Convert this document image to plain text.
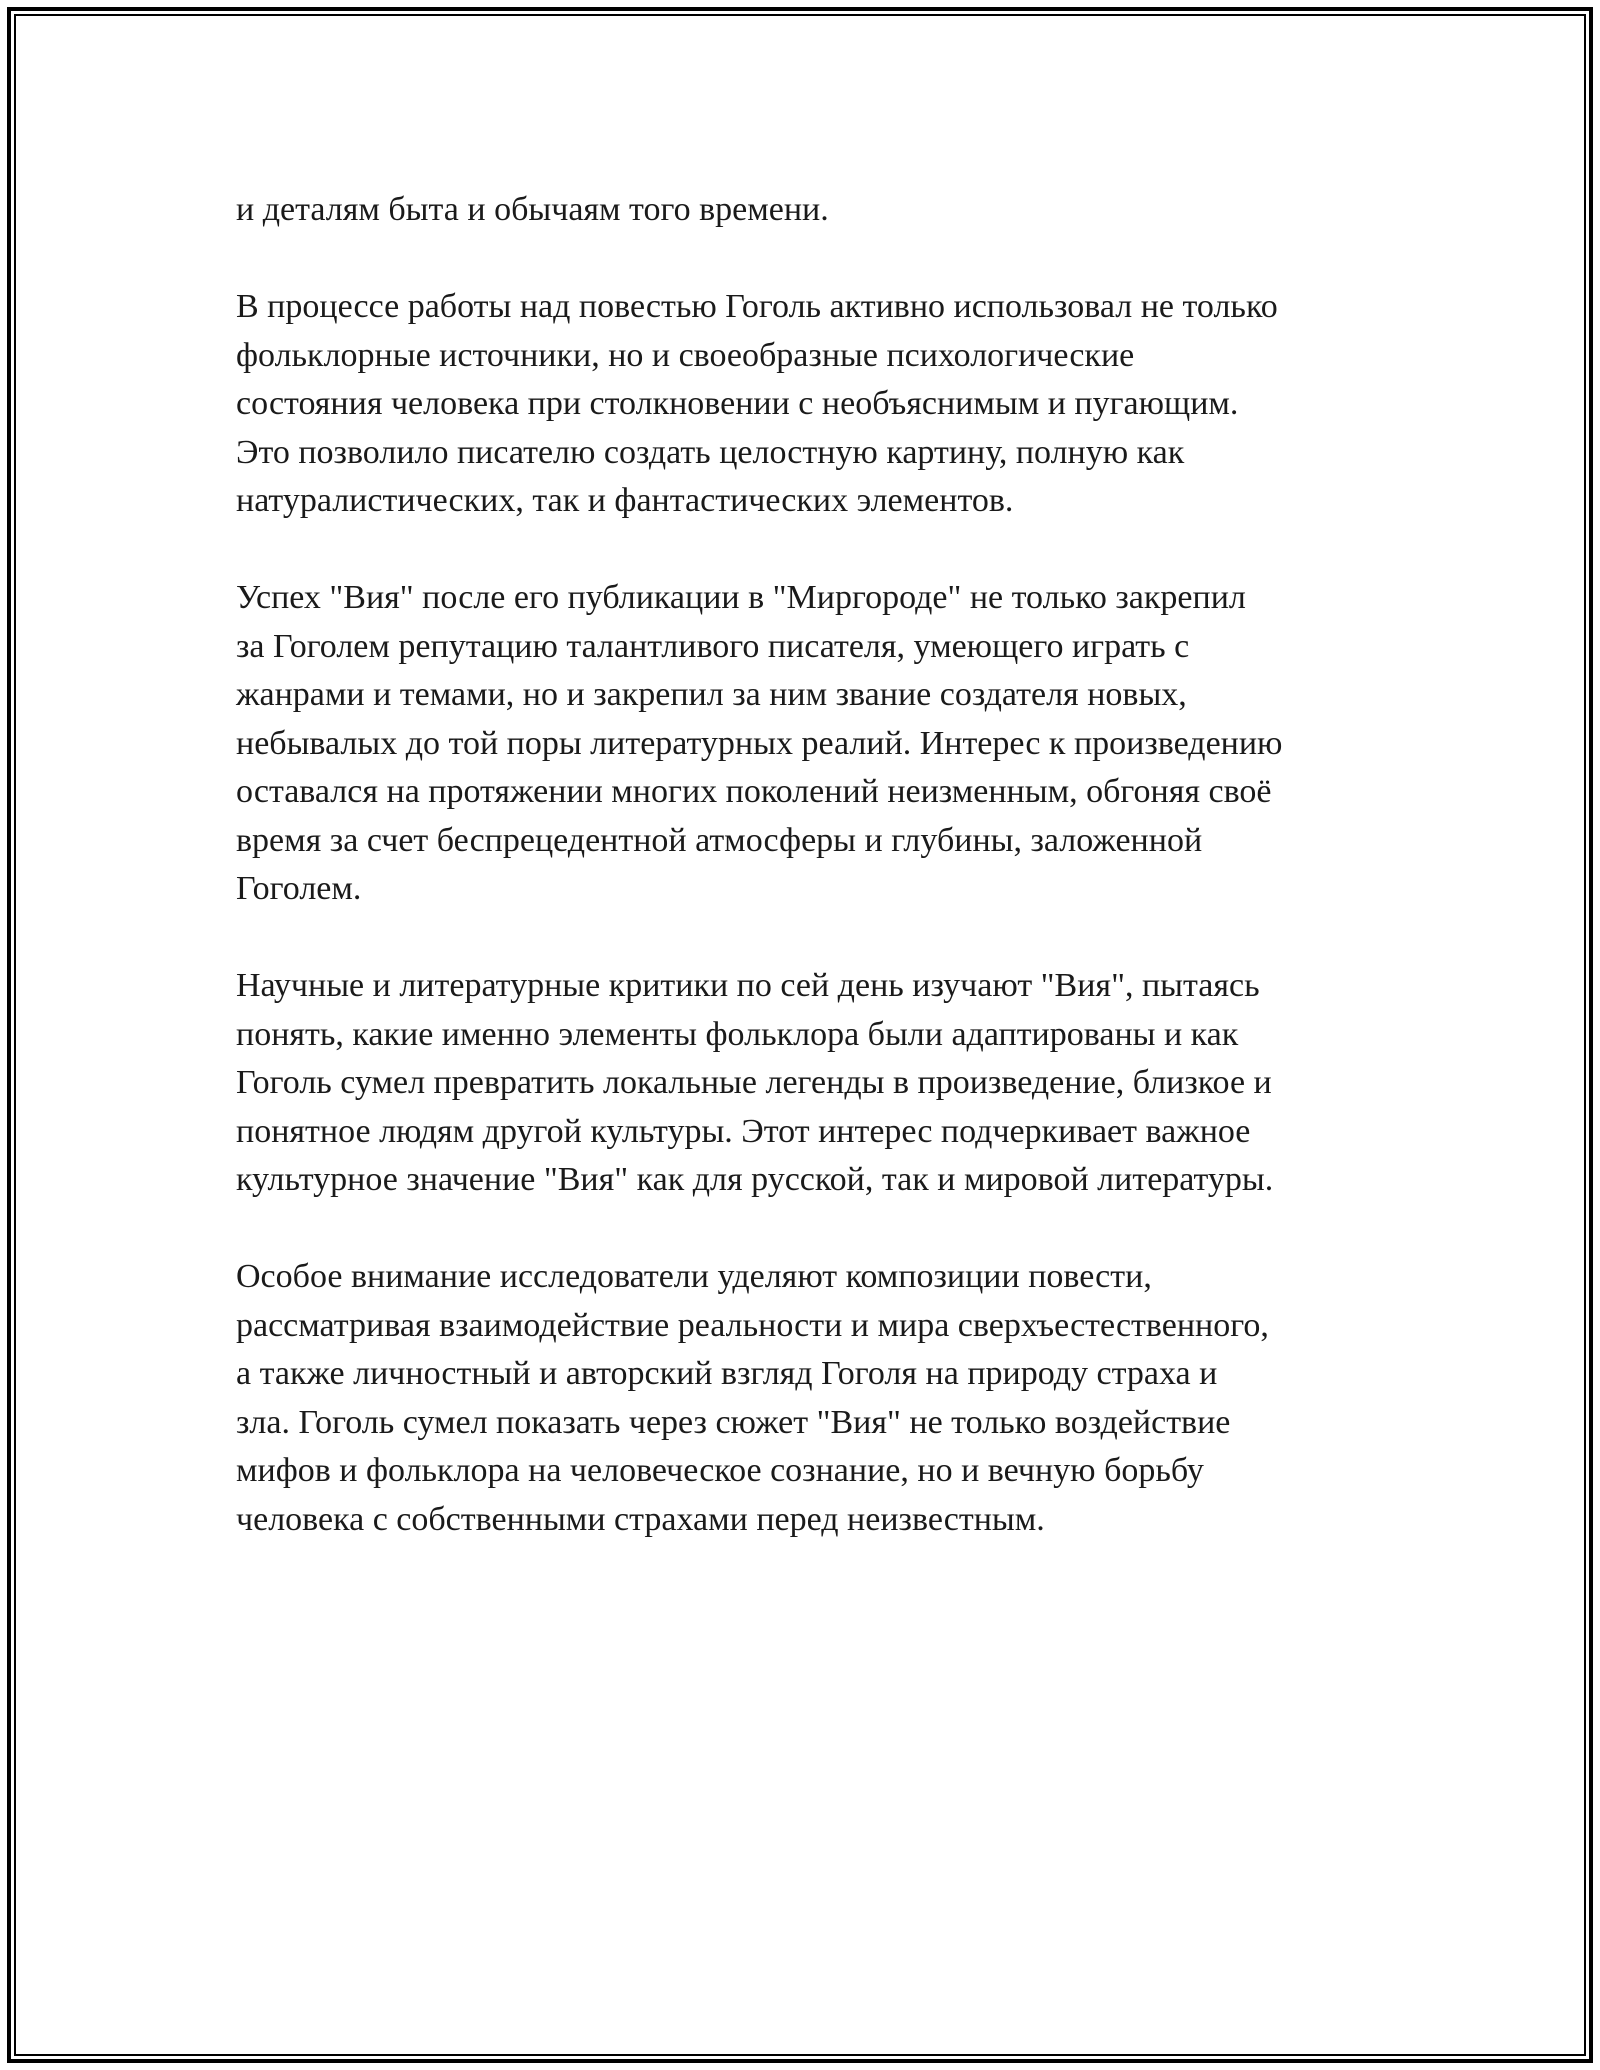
и деталям быта и обычаям того времени.

В процессе работы над повестью Гоголь активно использовал не только
фольклорные источники, но и своеобразные психологические
состояния человека при столкновении с необъяснимым и пугающим.
Это позволило писателю создать целостную картину, полную как
натуралистических, так и фантастических элементов.

Успех "Вия" после его публикации в "Миргороде" не только закрепил
за Гоголем репутацию талантливого писателя, умеющего играть с
жанрами и темами, но и закрепил за ним звание создателя новых,
небывалых до той поры литературных реалий. Интерес к произведению
оставался на протяжении многих поколений неизменным, обгоняя своё
время за счет беспрецедентной атмосферы и глубины, заложенной
Гоголем.

Научные и литературные критики по сей день изучают "Вия", пытаясь
понять, какие именно элементы фольклора были адаптированы и как
Гоголь сумел превратить локальные легенды в произведение, близкое и
понятное людям другой культуры. Этот интерес подчеркивает важное
культурное значение "Вия" как для русской, так и мировой литературы.

Особое внимание исследователи уделяют композиции повести,
рассматривая взаимодействие реальности и мира сверхъестественного,
а также личностный и авторский взгляд Гоголя на природу страха и
зла. Гоголь сумел показать через сюжет "Вия" не только воздействие
мифов и фольклора на человеческое сознание, но и вечную борьбу
человека с собственными страхами перед неизвестным.
